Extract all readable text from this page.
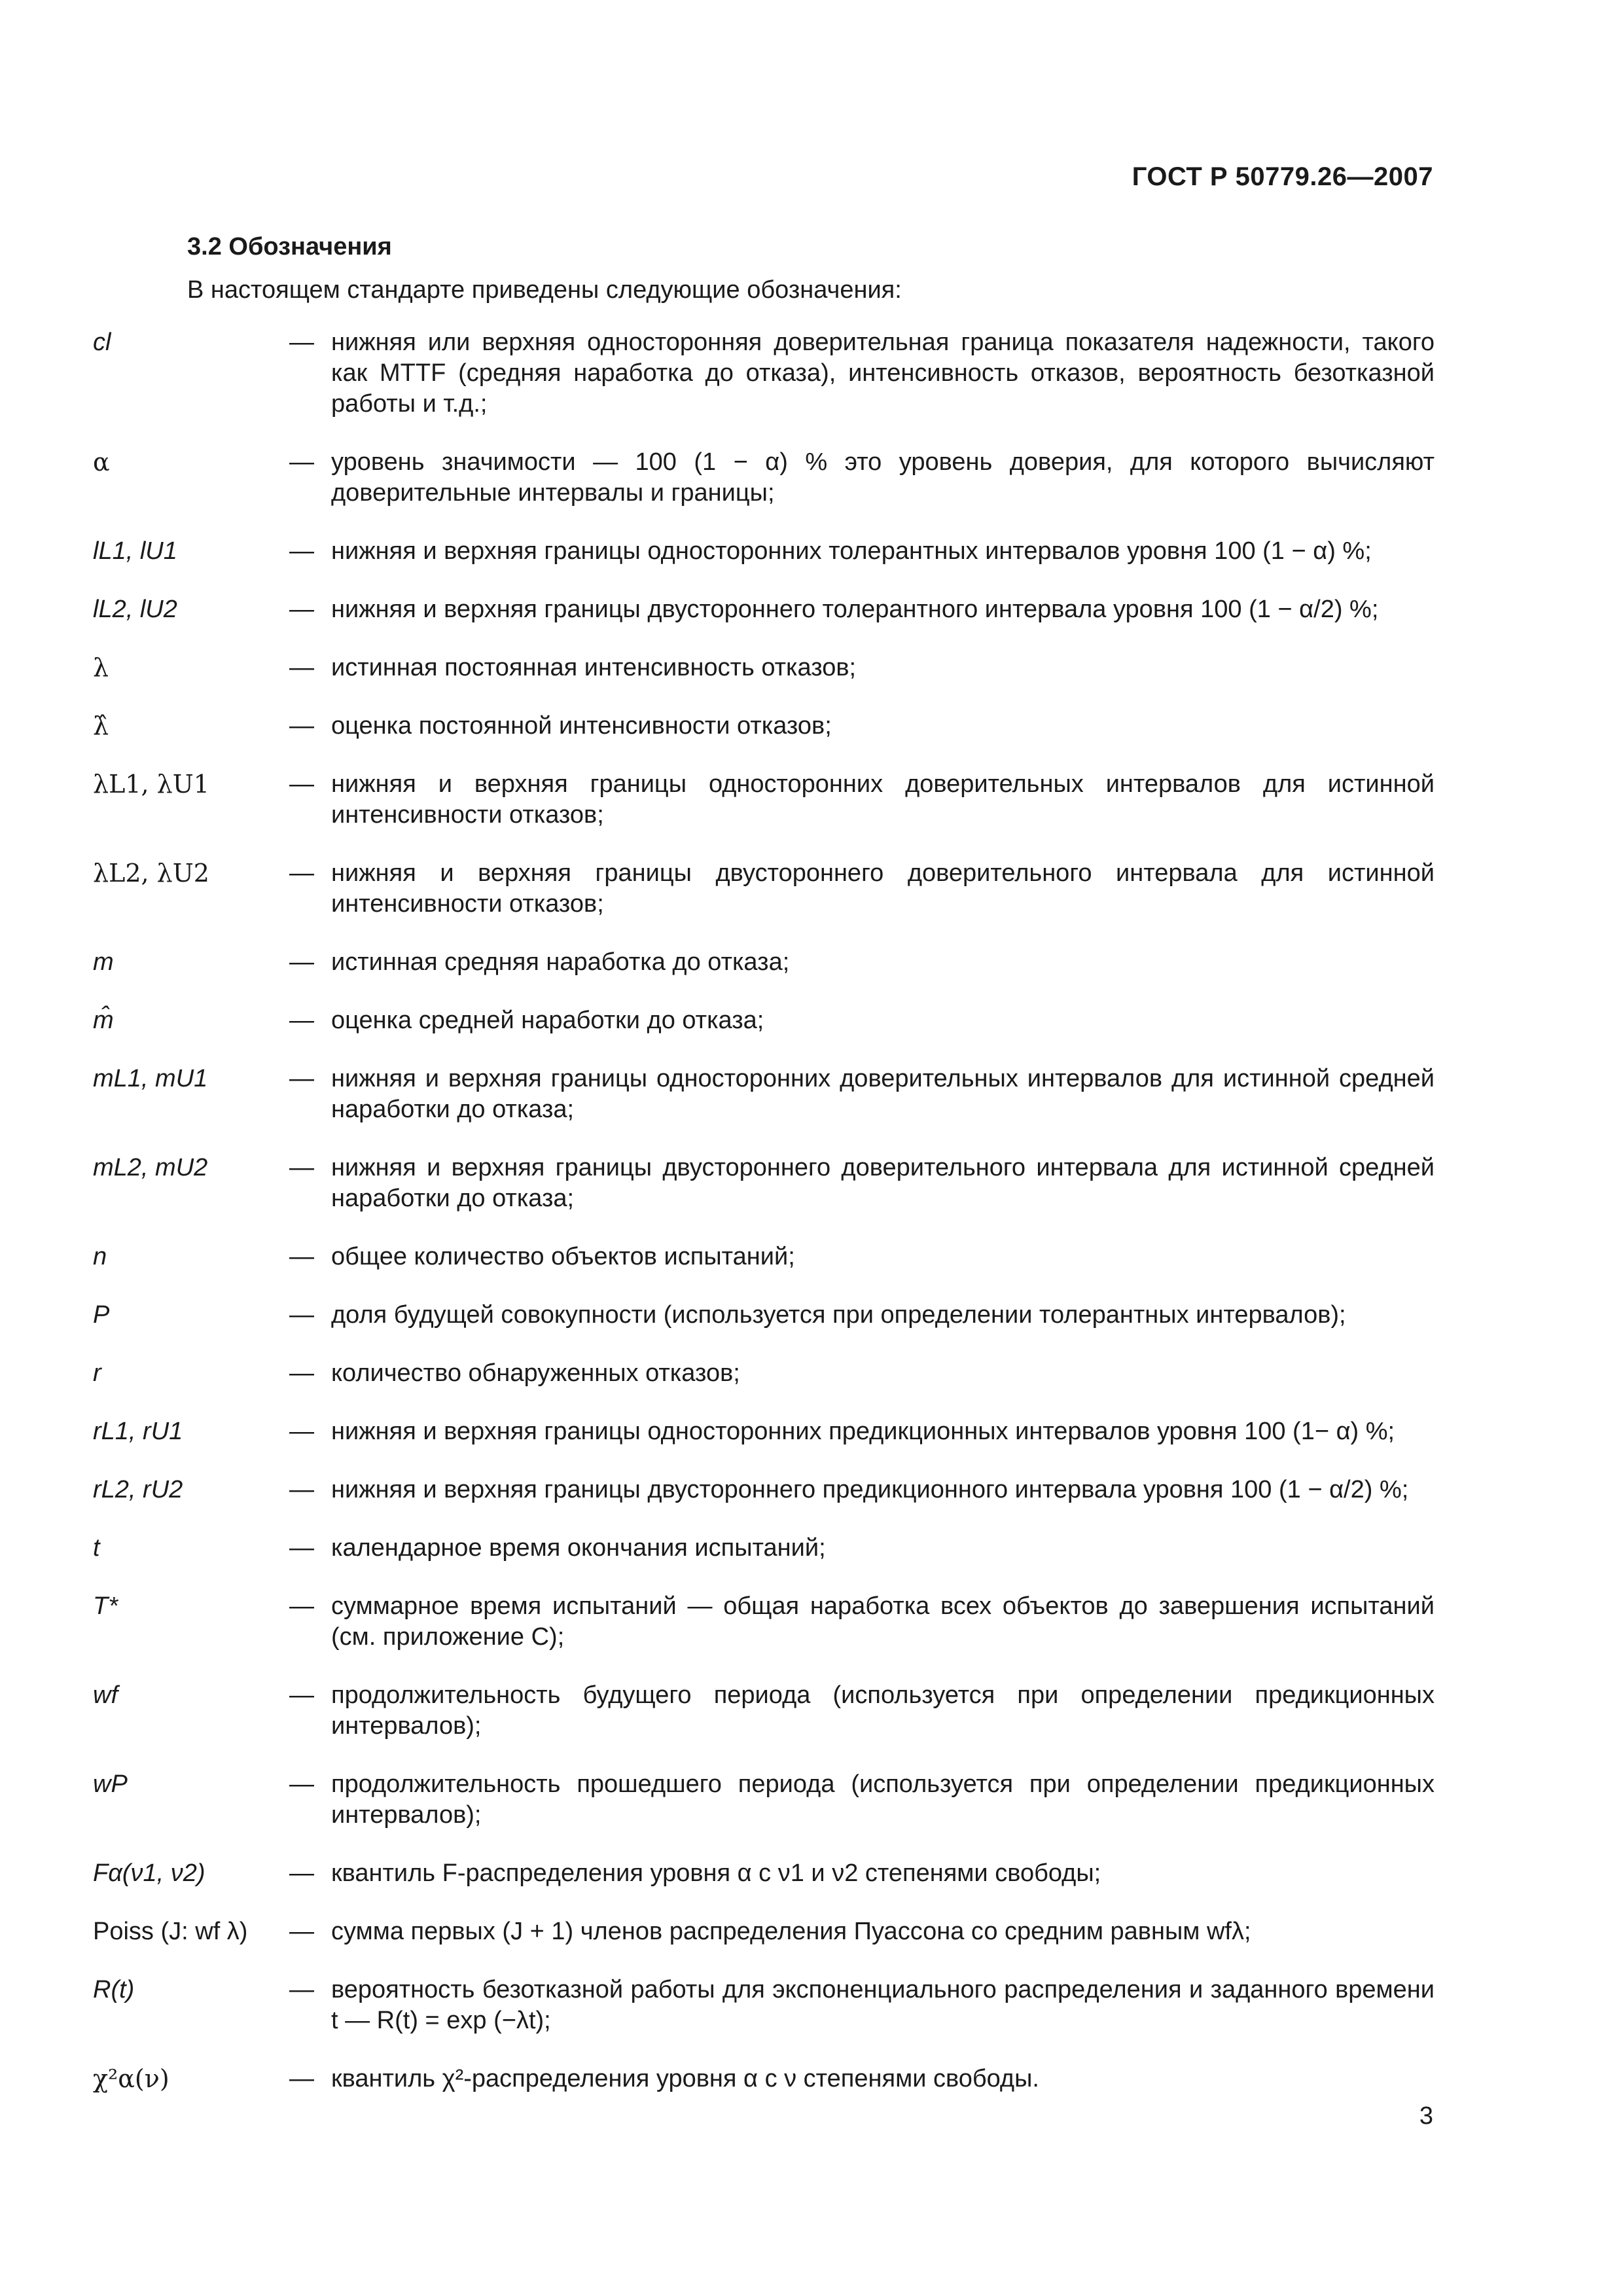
ГОСТ Р 50779.26—2007
3.2 Обозначения
В настоящем стандарте приведены следующие обозначения:
cl	— нижняя или верхняя односторонняя доверительная граница показателя надежности, такого как MTTF (средняя наработка до отказа), интенсивность отказов, вероятность безотказной работы и т.д.;
α	— уровень значимости — 100 (1 − α) % это уровень доверия, для которого вычисляют доверительные интервалы и границы;
lL1, lU1	— нижняя и верхняя границы односторонних толерантных интервалов уровня 100 (1 − α) %;
lL2, lU2	— нижняя и верхняя границы двустороннего толерантного интервала уровня 100 (1 − α/2) %;
λ	— истинная постоянная интенсивность отказов;
λ̂	— оценка постоянной интенсивности отказов;
λL1, λU1	— нижняя и верхняя границы односторонних доверительных интервалов для истинной интенсивности отказов;
λL2, λU2	— нижняя и верхняя границы двустороннего доверительного интервала для истинной интенсивности отказов;
m	— истинная средняя наработка до отказа;
m̂	— оценка средней наработки до отказа;
mL1, mU1	— нижняя и верхняя границы односторонних доверительных интервалов для истинной средней наработки до отказа;
mL2, mU2	— нижняя и верхняя границы двустороннего доверительного интервала для истинной средней наработки до отказа;
n	— общее количество объектов испытаний;
P	— доля будущей совокупности (используется при определении толерантных интервалов);
r	— количество обнаруженных отказов;
rL1, rU1	— нижняя и верхняя границы односторонних предикционных интервалов уровня 100 (1− α) %;
rL2, rU2	— нижняя и верхняя границы двустороннего предикционного интервала уровня 100 (1 − α/2) %;
t	— календарное время окончания испытаний;
T*	— суммарное время испытаний — общая наработка всех объектов до завершения испытаний (см. приложение С);
wf	— продолжительность будущего периода (используется при определении предикционных интервалов);
wP	— продолжительность прошедшего периода (используется при определении предикционных интервалов);
Fα(ν1, ν2)	— квантиль F-распределения уровня α с ν1 и ν2 степенями свободы;
Poiss (J: wf λ)	— сумма первых (J + 1) членов распределения Пуассона со средним равным wfλ;
R(t)	— вероятность безотказной работы для экспоненциального распределения и заданного времени t — R(t) = exp (−λt);
χ²α(ν)	— квантиль χ²-распределения уровня α с ν степенями свободы.
3
